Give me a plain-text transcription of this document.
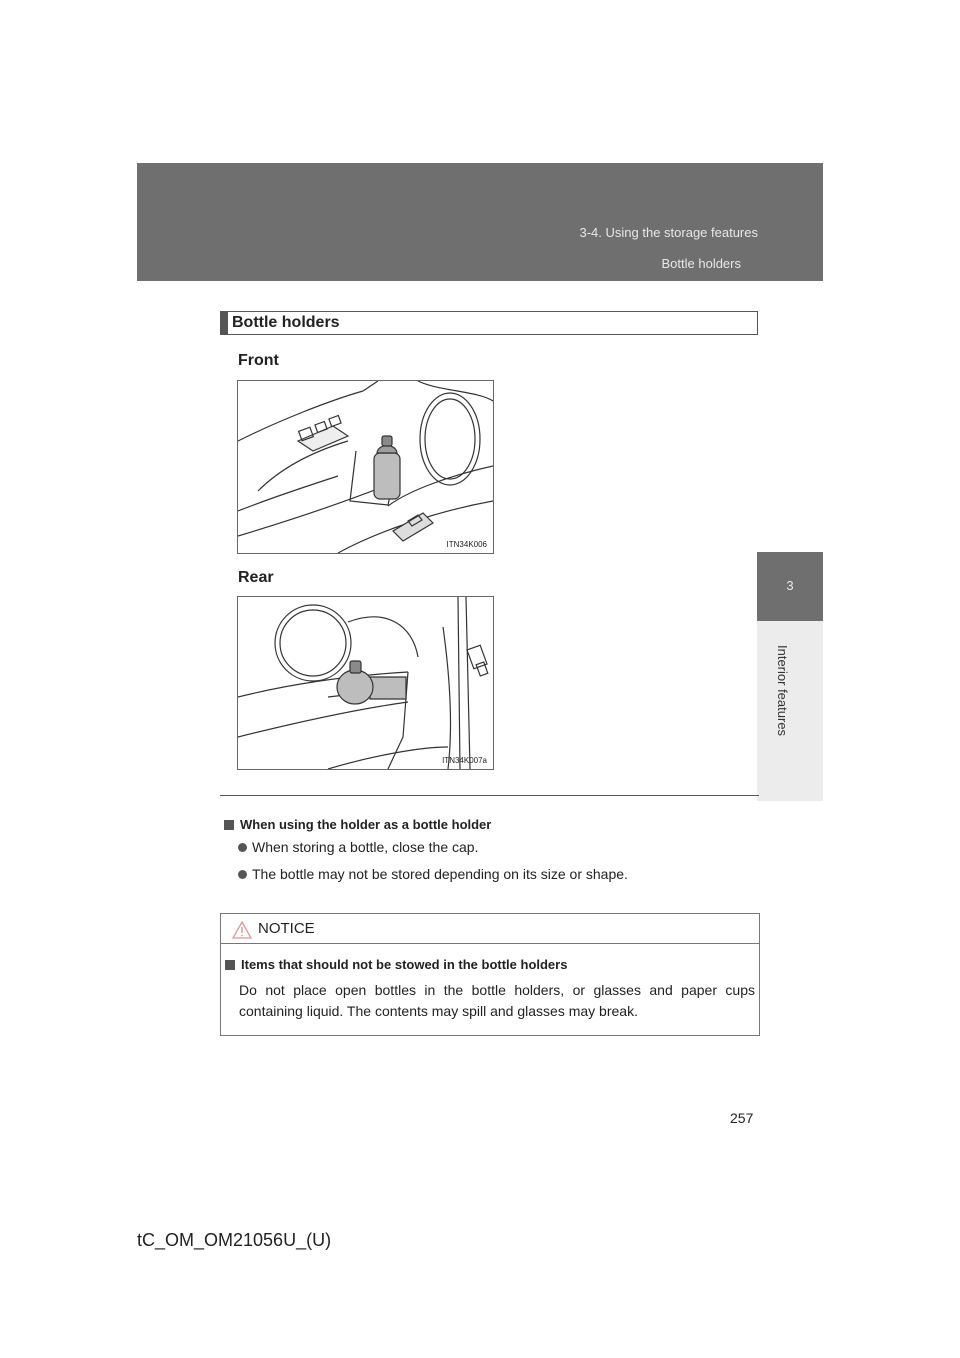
3-4. Using the storage features
Bottle holders
3
Interior features
Bottle holders
Front
ITN34K006
Rear
ITN34K007a
When using the holder as a bottle holder
When storing a bottle, close the cap.
The bottle may not be stored depending on its size or shape.
NOTICE
Items that should not be stowed in the bottle holders
Do not place open bottles in the bottle holders, or glasses and paper cups containing liquid. The contents may spill and glasses may break.
257
tC_OM_OM21056U_(U)
